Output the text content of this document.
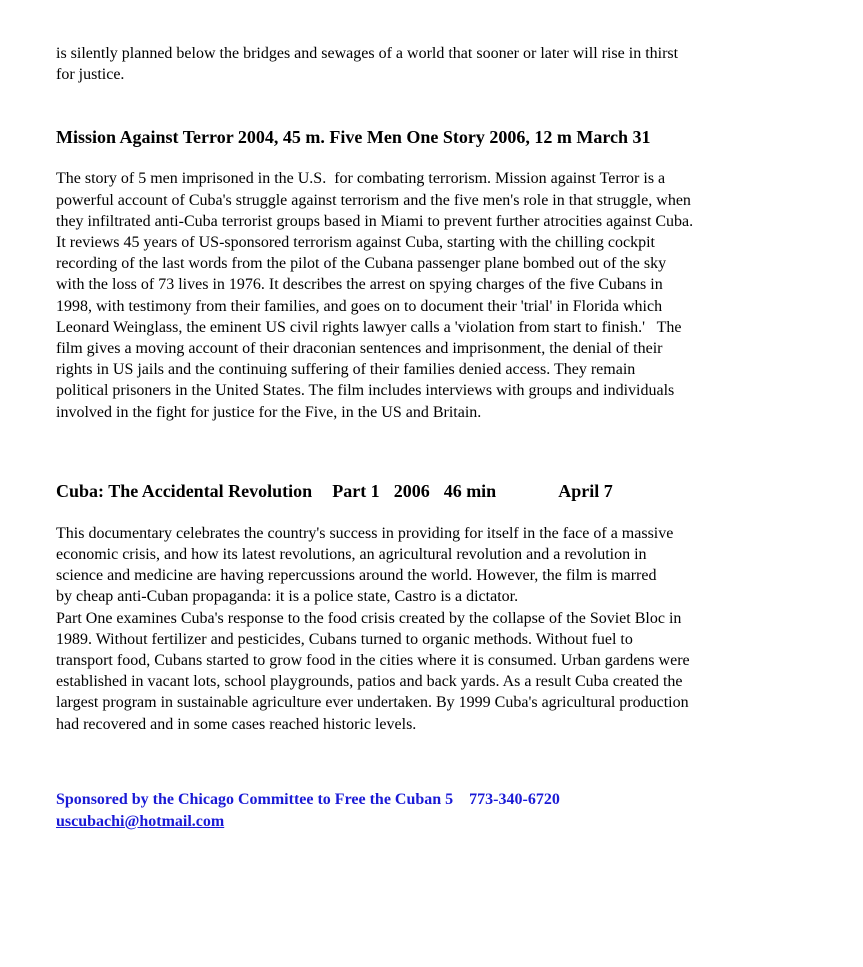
is silently planned below the bridges and sewages of a world that sooner or later will rise in thirst
for justice.

Mission Against Terror 2004, 45 m. Five Men One Story 2006, 12 m March 31

The story of 5 men imprisoned in the U.S.  for combating terrorism. Mission against Terror is a
powerful account of Cuba's struggle against terrorism and the five men's role in that struggle, when
they infiltrated anti-Cuba terrorist groups based in Miami to prevent further atrocities against Cuba.
It reviews 45 years of US-sponsored terrorism against Cuba, starting with the chilling cockpit
recording of the last words from the pilot of the Cubana passenger plane bombed out of the sky
with the loss of 73 lives in 1976. It describes the arrest on spying charges of the five Cubans in
1998, with testimony from their families, and goes on to document their 'trial' in Florida which
Leonard Weinglass, the eminent US civil rights lawyer calls a 'violation from start to finish.'   The
film gives a moving account of their draconian sentences and imprisonment, the denial of their
rights in US jails and the continuing suffering of their families denied access. They remain
political prisoners in the United States. The film includes interviews with groups and individuals
involved in the fight for justice for the Five, in the US and Britain.

Cuba: The Accidental Revolution Part 1 2006 46 min	April 7

This documentary celebrates the country's success in providing for itself in the face of a massive
economic crisis, and how its latest revolutions, an agricultural revolution and a revolution in
science and medicine are having repercussions around the world. However, the film is marred
by cheap anti-Cuban propaganda: it is a police state, Castro is a dictator.
Part One examines Cuba's response to the food crisis created by the collapse of the Soviet Bloc in
1989. Without fertilizer and pesticides, Cubans turned to organic methods. Without fuel to
transport food, Cubans started to grow food in the cities where it is consumed. Urban gardens were
established in vacant lots, school playgrounds, patios and back yards. As a result Cuba created the
largest program in sustainable agriculture ever undertaken. By 1999 Cuba's agricultural production
had recovered and in some cases reached historic levels.

Sponsored by the Chicago Committee to Free the Cuban 5 773-340-6720
uscubachi@hotmail.com
